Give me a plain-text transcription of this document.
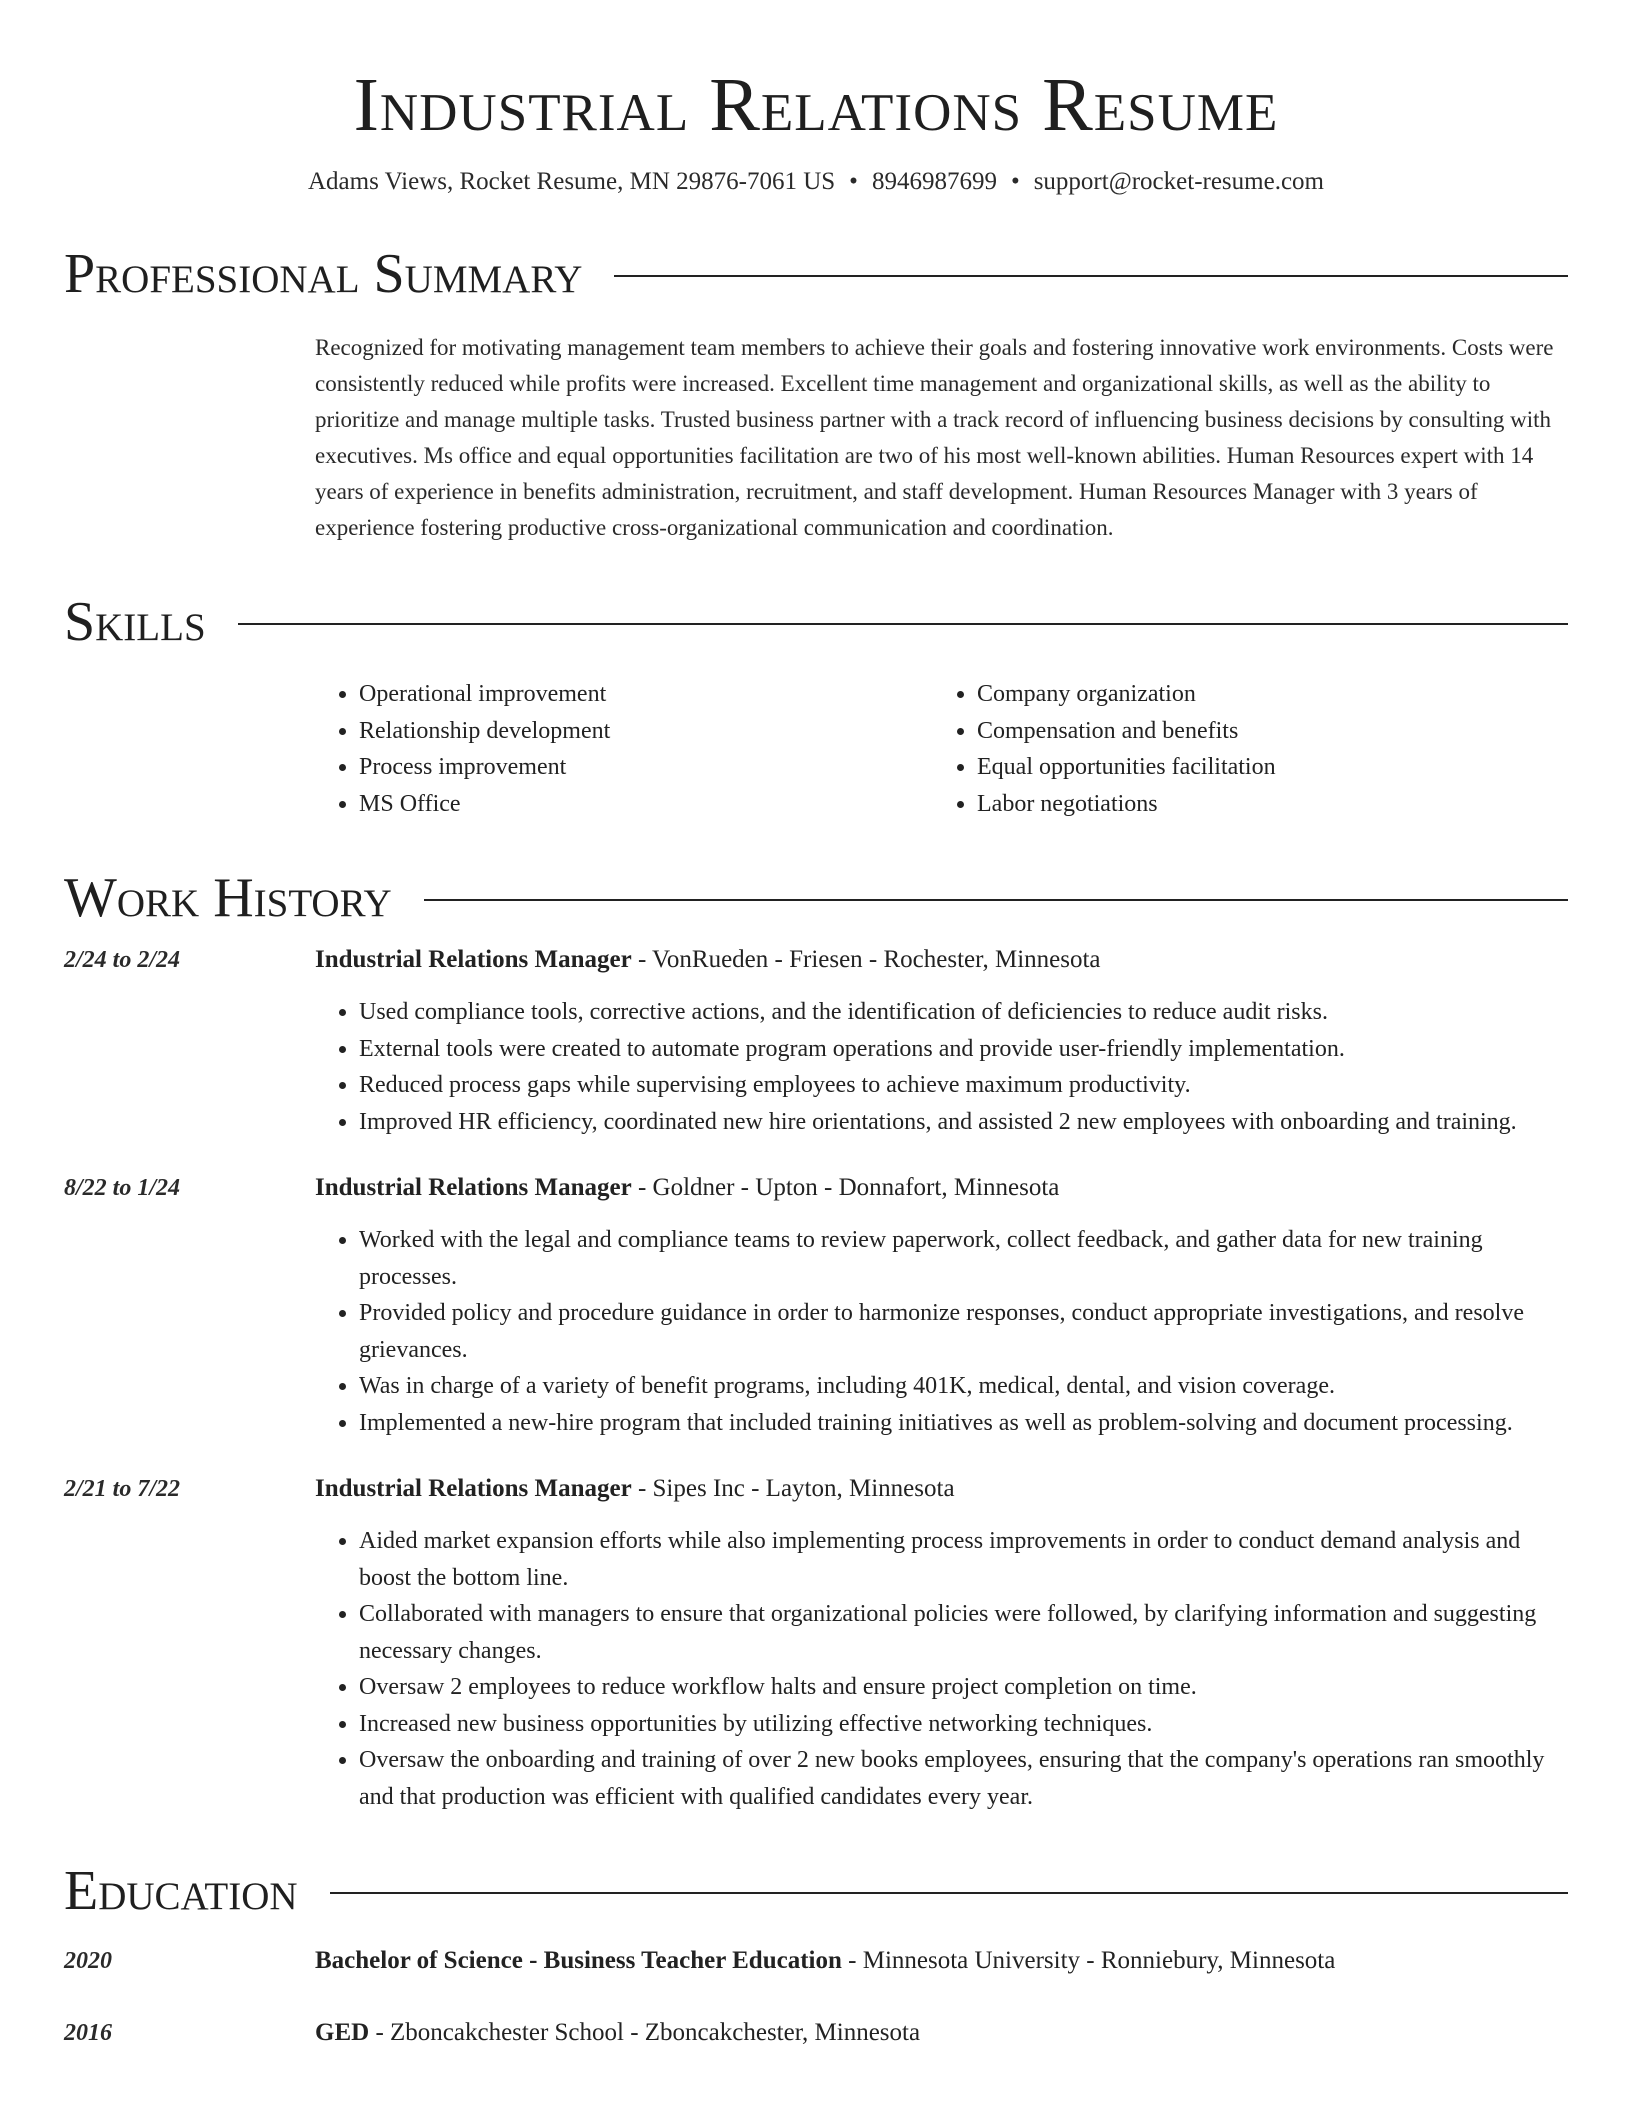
Industrial Relations Resume
Adams Views, Rocket Resume, MN 29876-7061 US • 8946987699 • support@rocket-resume.com
Professional Summary
Recognized for motivating management team members to achieve their goals and fostering innovative work environments. Costs were consistently reduced while profits were increased. Excellent time management and organizational skills, as well as the ability to prioritize and manage multiple tasks. Trusted business partner with a track record of influencing business decisions by consulting with executives. Ms office and equal opportunities facilitation are two of his most well-known abilities. Human Resources expert with 14 years of experience in benefits administration, recruitment, and staff development. Human Resources Manager with 3 years of experience fostering productive cross-organizational communication and coordination.
Skills
• Operational improvement
• Relationship development
• Process improvement
• MS Office
• Company organization
• Compensation and benefits
• Equal opportunities facilitation
• Labor negotiations
Work History
2/24 to 2/24	Industrial Relations Manager - VonRueden - Friesen - Rochester, Minnesota
• Used compliance tools, corrective actions, and the identification of deficiencies to reduce audit risks.
• External tools were created to automate program operations and provide user-friendly implementation.
• Reduced process gaps while supervising employees to achieve maximum productivity.
• Improved HR efficiency, coordinated new hire orientations, and assisted 2 new employees with onboarding and training.
8/22 to 1/24	Industrial Relations Manager - Goldner - Upton - Donnafort, Minnesota
• Worked with the legal and compliance teams to review paperwork, collect feedback, and gather data for new training processes.
• Provided policy and procedure guidance in order to harmonize responses, conduct appropriate investigations, and resolve grievances.
• Was in charge of a variety of benefit programs, including 401K, medical, dental, and vision coverage.
• Implemented a new-hire program that included training initiatives as well as problem-solving and document processing.
2/21 to 7/22	Industrial Relations Manager - Sipes Inc - Layton, Minnesota
• Aided market expansion efforts while also implementing process improvements in order to conduct demand analysis and boost the bottom line.
• Collaborated with managers to ensure that organizational policies were followed, by clarifying information and suggesting necessary changes.
• Oversaw 2 employees to reduce workflow halts and ensure project completion on time.
• Increased new business opportunities by utilizing effective networking techniques.
• Oversaw the onboarding and training of over 2 new books employees, ensuring that the company's operations ran smoothly and that production was efficient with qualified candidates every year.
Education
2020	Bachelor of Science - Business Teacher Education - Minnesota University - Ronniebury, Minnesota
2016	GED - Zboncakchester School - Zboncakchester, Minnesota
